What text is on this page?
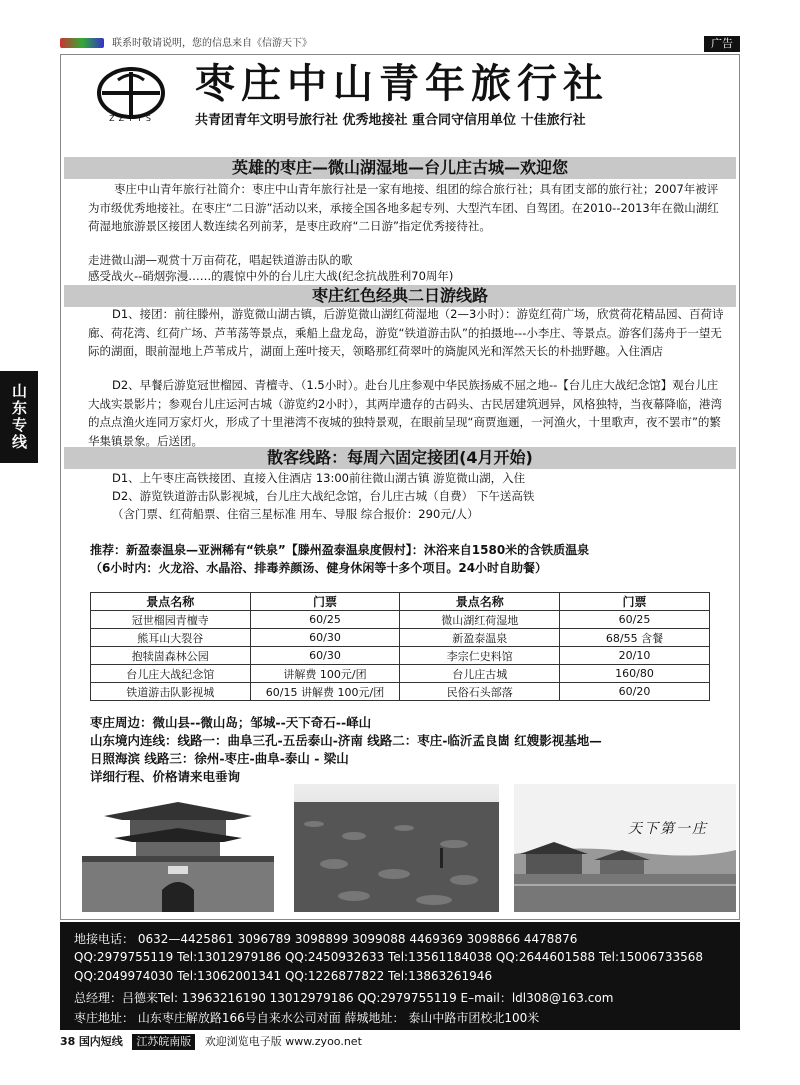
联系时敬请说明，您的信息来自《信游天下》	广告
ZZYTS
枣庄中山青年旅行社
共青团青年文明号旅行社 优秀地接社 重合同守信用单位 十佳旅行社
山东专线
英雄的枣庄—微山湖湿地—台儿庄古城—欢迎您
枣庄中山青年旅行社简介：枣庄中山青年旅行社是一家有地接、组团的综合旅行社；具有团支部的旅行社；2007年被评为市级优秀地接社。在枣庄“二日游”活动以来，承接全国各地多起专列、大型汽车团、自驾团。在2010--2013年在微山湖红荷湿地旅游景区接团人数连续名列前茅，是枣庄政府“二日游”指定优秀接待社。
走进微山湖—观赏十万亩荷花，唱起铁道游击队的歌
感受战火--硝烟弥漫……的震惊中外的台儿庄大战(纪念抗战胜利70周年)
枣庄红色经典二日游线路
D1、接团：前往滕州，游览微山湖古镇，后游览微山湖红荷湿地（2—3小时）：游览红荷广场，欣赏荷花精品园、百荷诗廊、荷花湾、红荷广场、芦苇荡等景点，乘船上盘龙岛，游览“铁道游击队”的拍摄地---小李庄、等景点。游客们荡舟于一望无际的湖面，眼前湿地上芦苇成片，湖面上莲叶接天，领略那红荷翠叶的旖旎风光和浑然天长的朴拙野趣。入住酒店
D2、早餐后游览冠世榴园、青檀寺、（1.5小时）。赴台儿庄参观中华民族扬威不屈之地--【台儿庄大战纪念馆】观台儿庄大战实景影片；参观台儿庄运河古城（游览约2小时），其两岸遗存的古码头、古民居建筑迥异，风格独特，当夜幕降临，港湾的点点渔火连同万家灯火，形成了十里港湾不夜城的独特景观，在眼前呈现“商贾迤逦，一河渔火，十里歌声，夜不罢市”的繁华集镇景象。后送团。
散客线路：每周六固定接团(4月开始)
D1、上午枣庄高铁接团、直接入住酒店 13:00前往微山湖古镇 游览微山湖，入住
D2、游览铁道游击队影视城，台儿庄大战纪念馆，台儿庄古城（自费） 下午送高铁
（含门票、红荷船票、住宿三星标准 用车、导服 综合报价：290元/人）
推荐：新盈泰温泉—亚洲稀有“铁泉”【滕州盈泰温泉度假村】：沐浴来自1580米的含铁质温泉
（6小时内：火龙浴、水晶浴、排毒养颜汤、健身休闲等十多个项目。24小时自助餐）
景点名称	门票	景点名称	门票
冠世榴园青檀寺	60/25	微山湖红荷湿地	60/25
熊耳山大裂谷	60/30	新盈泰温泉	68/55 含餐
抱犊崮森林公园	60/30	李宗仁史料馆	20/10
台儿庄大战纪念馆	讲解费 100元/团	台儿庄古城	160/80
铁道游击队影视城	60/15 讲解费 100元/团	民俗石头部落	60/20
枣庄周边：微山县--微山岛；邹城--天下奇石--峄山
山东境内连线：线路一：曲阜三孔-五岳泰山-济南 线路二：枣庄-临沂孟良崮 红嫂影视基地—
日照海滨 线路三：徐州-枣庄-曲阜-泰山 - 梁山
详细行程、价格请来电垂询
天下第一庄
地接电话： 0632—4425861 3096789 3098899 3099088 4469369 3098866 4478876
QQ:2979755119 Tel:13012979186 QQ:2450932633 Tel:13561184038 QQ:2644601588 Tel:15006733568
QQ:2049974030 Tel:13062001341 QQ:1226877822 Tel:13863261946
总经理：吕德来Tel: 13963216190 13012979186 QQ:2979755119 E–mail：ldl308@163.com
枣庄地址： 山东枣庄解放路166号自来水公司对面 薛城地址： 泰山中路市团校北100米
38 国内短线 江苏皖南版 欢迎浏览电子版 www.zyoo.net
